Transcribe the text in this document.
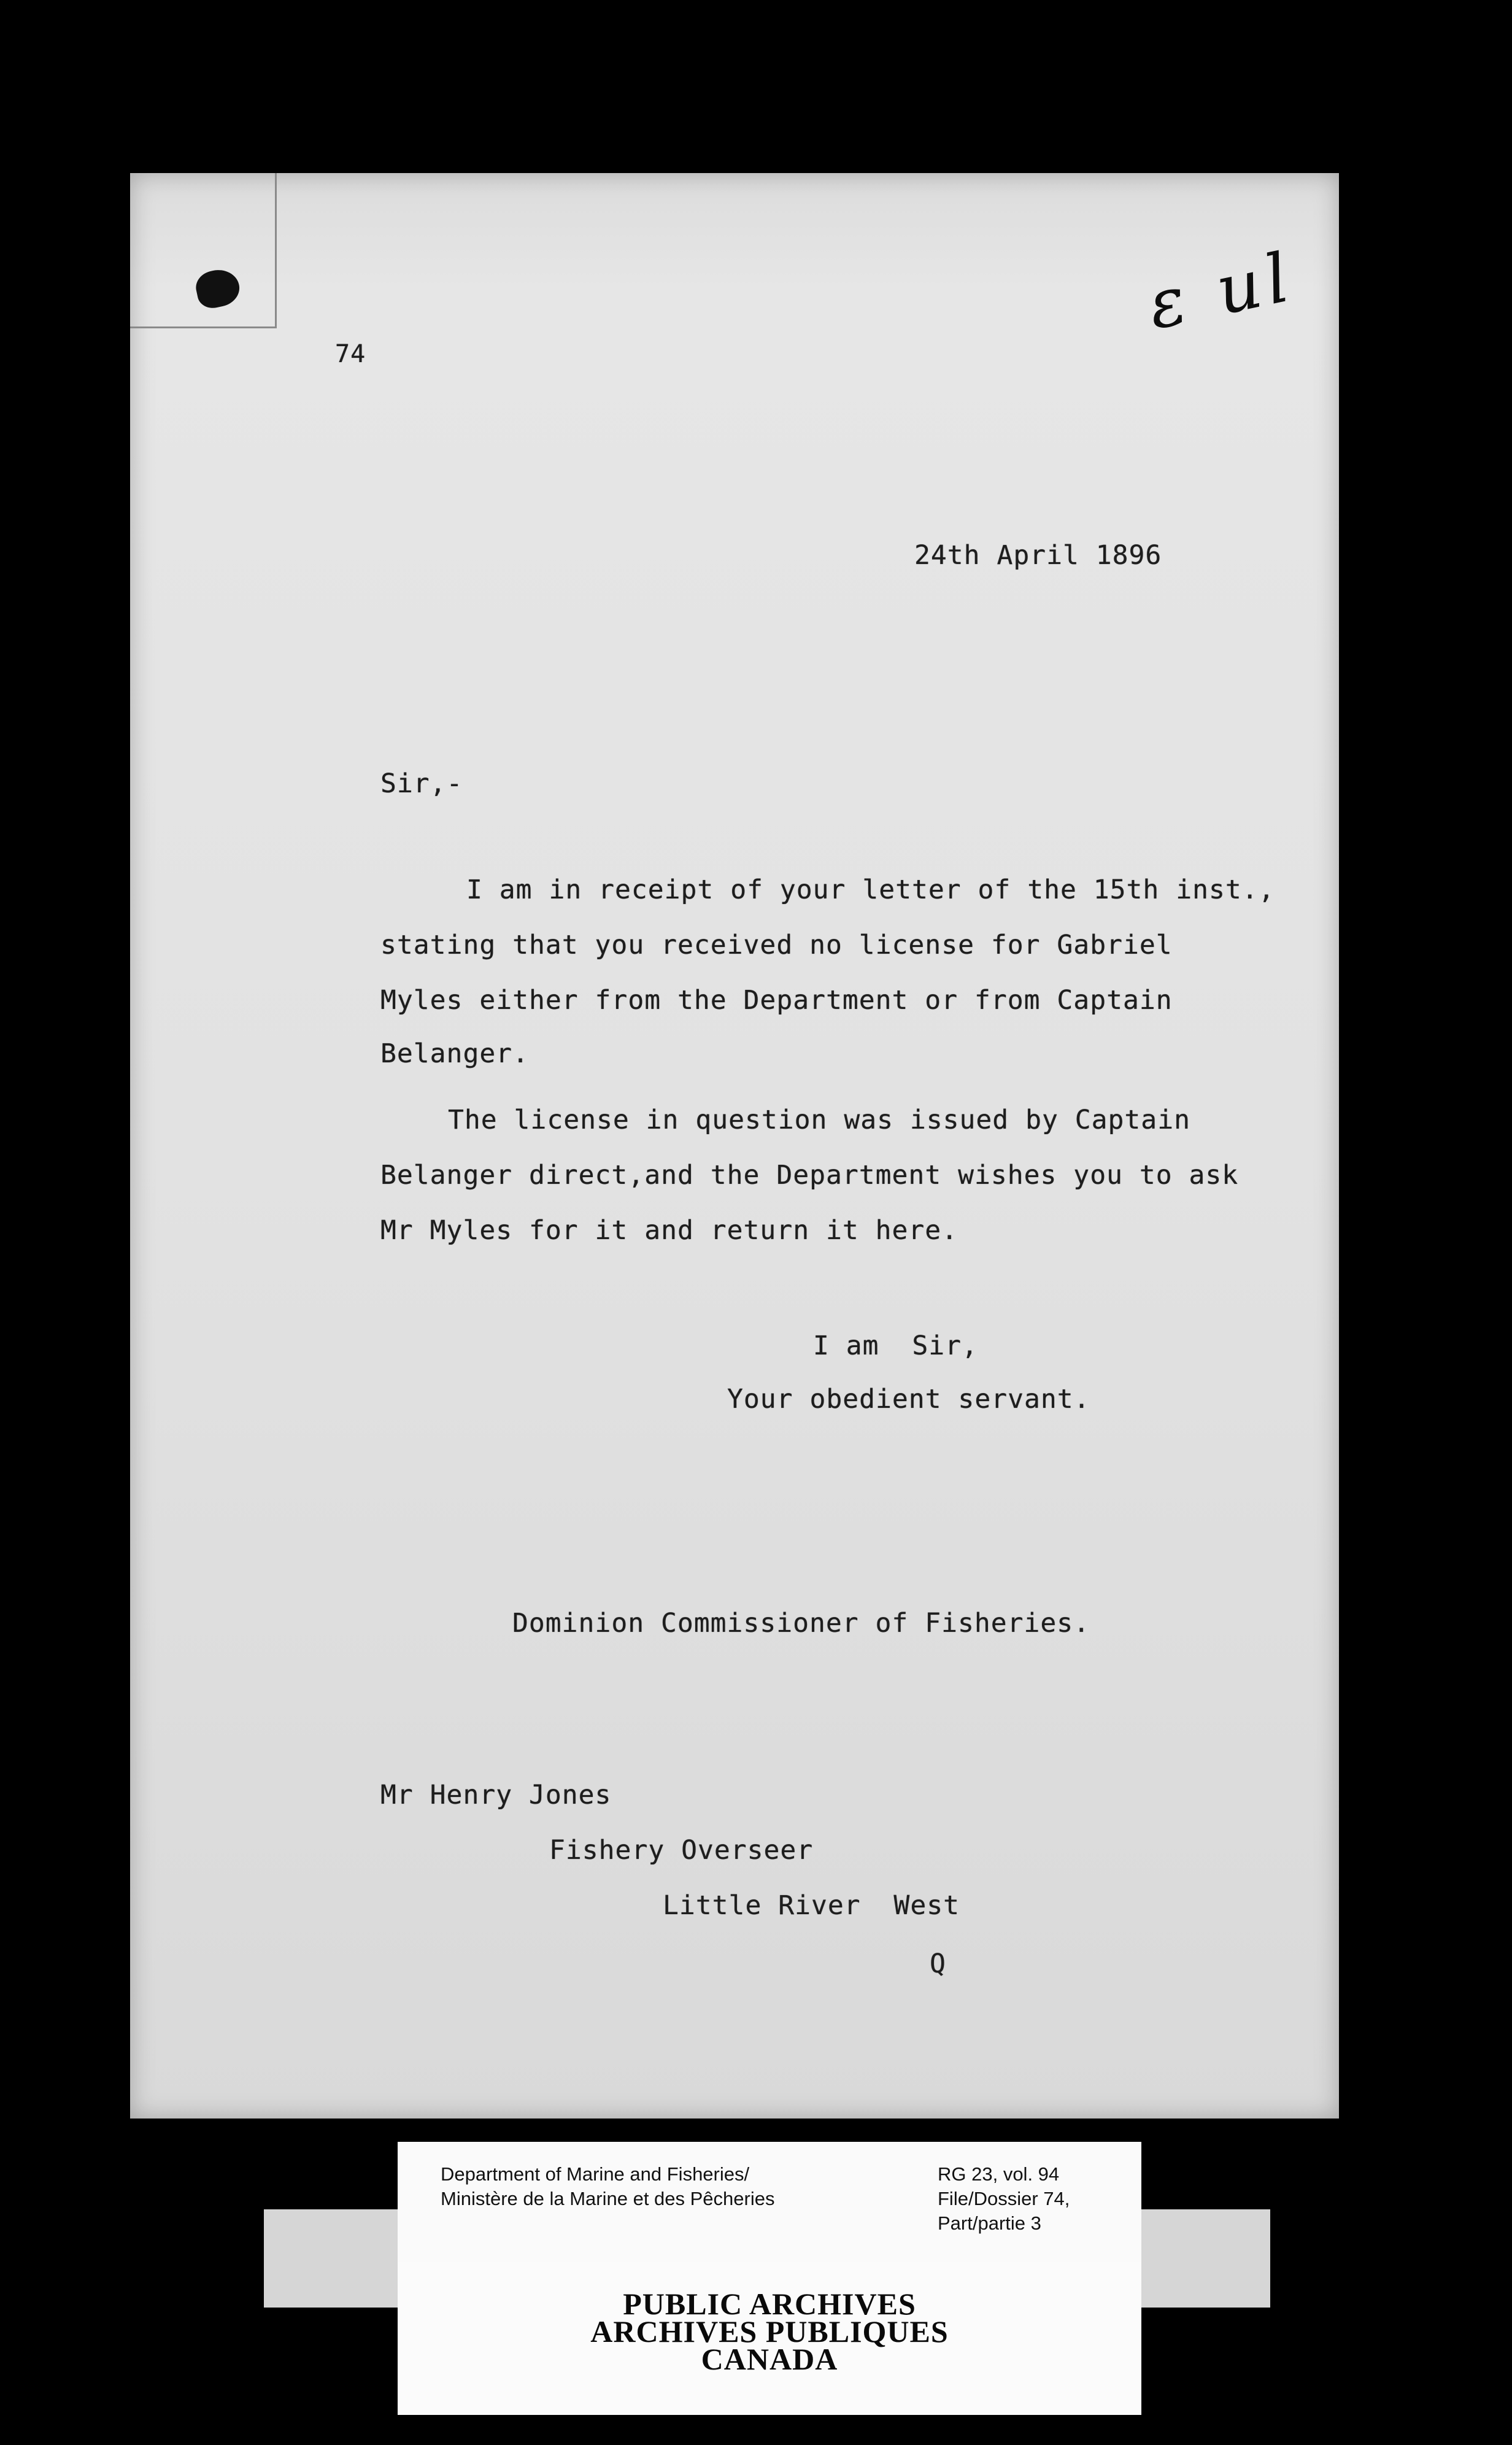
ε ul
74
24th April 1896
Sir,-
I am in receipt of your letter of the 15th inst.,
stating that you received no license for Gabriel
Myles either from the Department or from Captain
Belanger.
The license in question was issued by Captain
Belanger direct,and the Department wishes you to ask
Mr Myles for it and return it here.
I am  Sir,
Your obedient servant.
Dominion Commissioner of Fisheries.
Mr Henry Jones
Fishery Overseer
Little River  West
Q
Department of Marine and Fisheries/
Ministère de la Marine et des Pêcheries
RG 23, vol. 94
File/Dossier 74,
Part/partie 3
PUBLIC ARCHIVES
ARCHIVES PUBLIQUES
CANADA
